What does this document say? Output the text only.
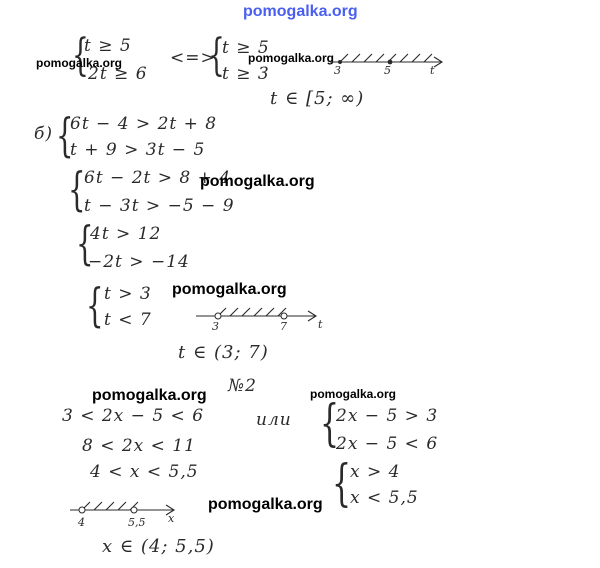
pomogalka.org
{
t ≥ 5
2t ≥ 6
pomogalka.org	<=>
{
t ≥ 5
t ≥ 3
pomogalka.org
3	5	t
t ∈ [5; ∞)
б) {
6t − 4 > 2t + 8
t + 9 > 3t − 5
{
6t − 2t > 8 + 4
t − 3t > −5 − 9
pomogalka.org
{
4t > 12
−2t > −14
{ t > 3
t < 7
pomogalka.org
3	7	t
t ∈ (3; 7)
pomogalka.org №2	pomogalka.org
3 < 2x − 5 < 6
8 < 2x < 11
4 < x < 5,5
или {
2x − 5 > 3
2x − 5 < 6
{
x > 4
x < 5,5
4	5,5 x
pomogalka.org
x ∈ (4; 5,5)
